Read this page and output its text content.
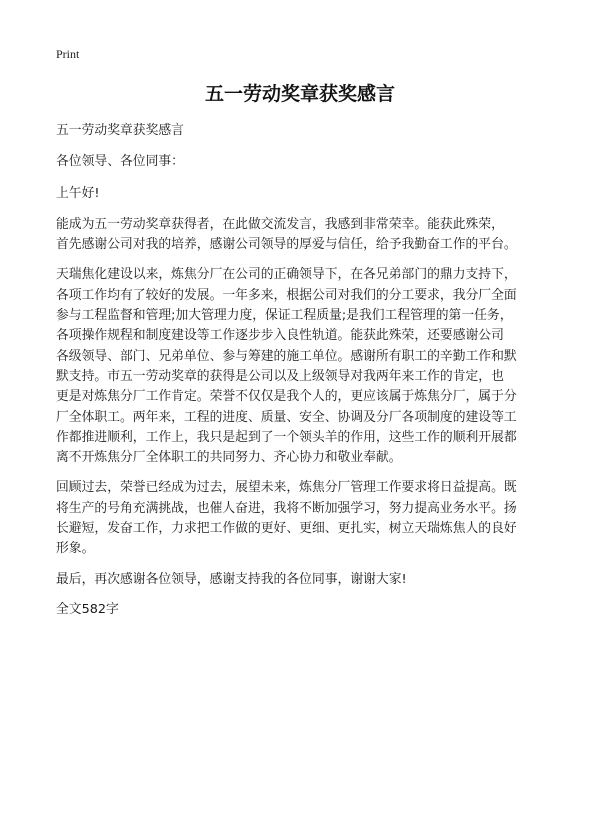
Print
五一劳动奖章获奖感言

五一劳动奖章获奖感言

各位领导、各位同事：

上午好!

能成为五一劳动奖章获得者，在此做交流发言，我感到非常荣幸。能获此殊荣，
首先感谢公司对我的培养，感谢公司领导的厚爱与信任，给予我勤奋工作的平台。

天瑞焦化建设以来，炼焦分厂在公司的正确领导下，在各兄弟部门的鼎力支持下，
各项工作均有了较好的发展。一年多来，根据公司对我们的分工要求，我分厂全面
参与工程监督和管理;加大管理力度，保证工程质量;是我们工程管理的第一任务，
各项操作规程和制度建设等工作逐步步入良性轨道。能获此殊荣，还要感谢公司
各级领导、部门、兄弟单位、参与筹建的施工单位。感谢所有职工的辛勤工作和默
默支持。市五一劳动奖章的获得是公司以及上级领导对我两年来工作的肯定，也
更是对炼焦分厂工作肯定。荣誉不仅仅是我个人的，更应该属于炼焦分厂，属于分
厂全体职工。两年来，工程的进度、质量、安全、协调及分厂各项制度的建设等工
作都推进顺利，工作上，我只是起到了一个领头羊的作用，这些工作的顺利开展都
离不开炼焦分厂全体职工的共同努力、齐心协力和敬业奉献。

回顾过去，荣誉已经成为过去，展望未来，炼焦分厂管理工作要求将日益提高。既
将生产的号角充满挑战，也催人奋进，我将不断加强学习，努力提高业务水平。扬
长避短，发奋工作，力求把工作做的更好、更细、更扎实，树立天瑞炼焦人的良好
形象。

最后，再次感谢各位领导，感谢支持我的各位同事，谢谢大家!

全文582字
